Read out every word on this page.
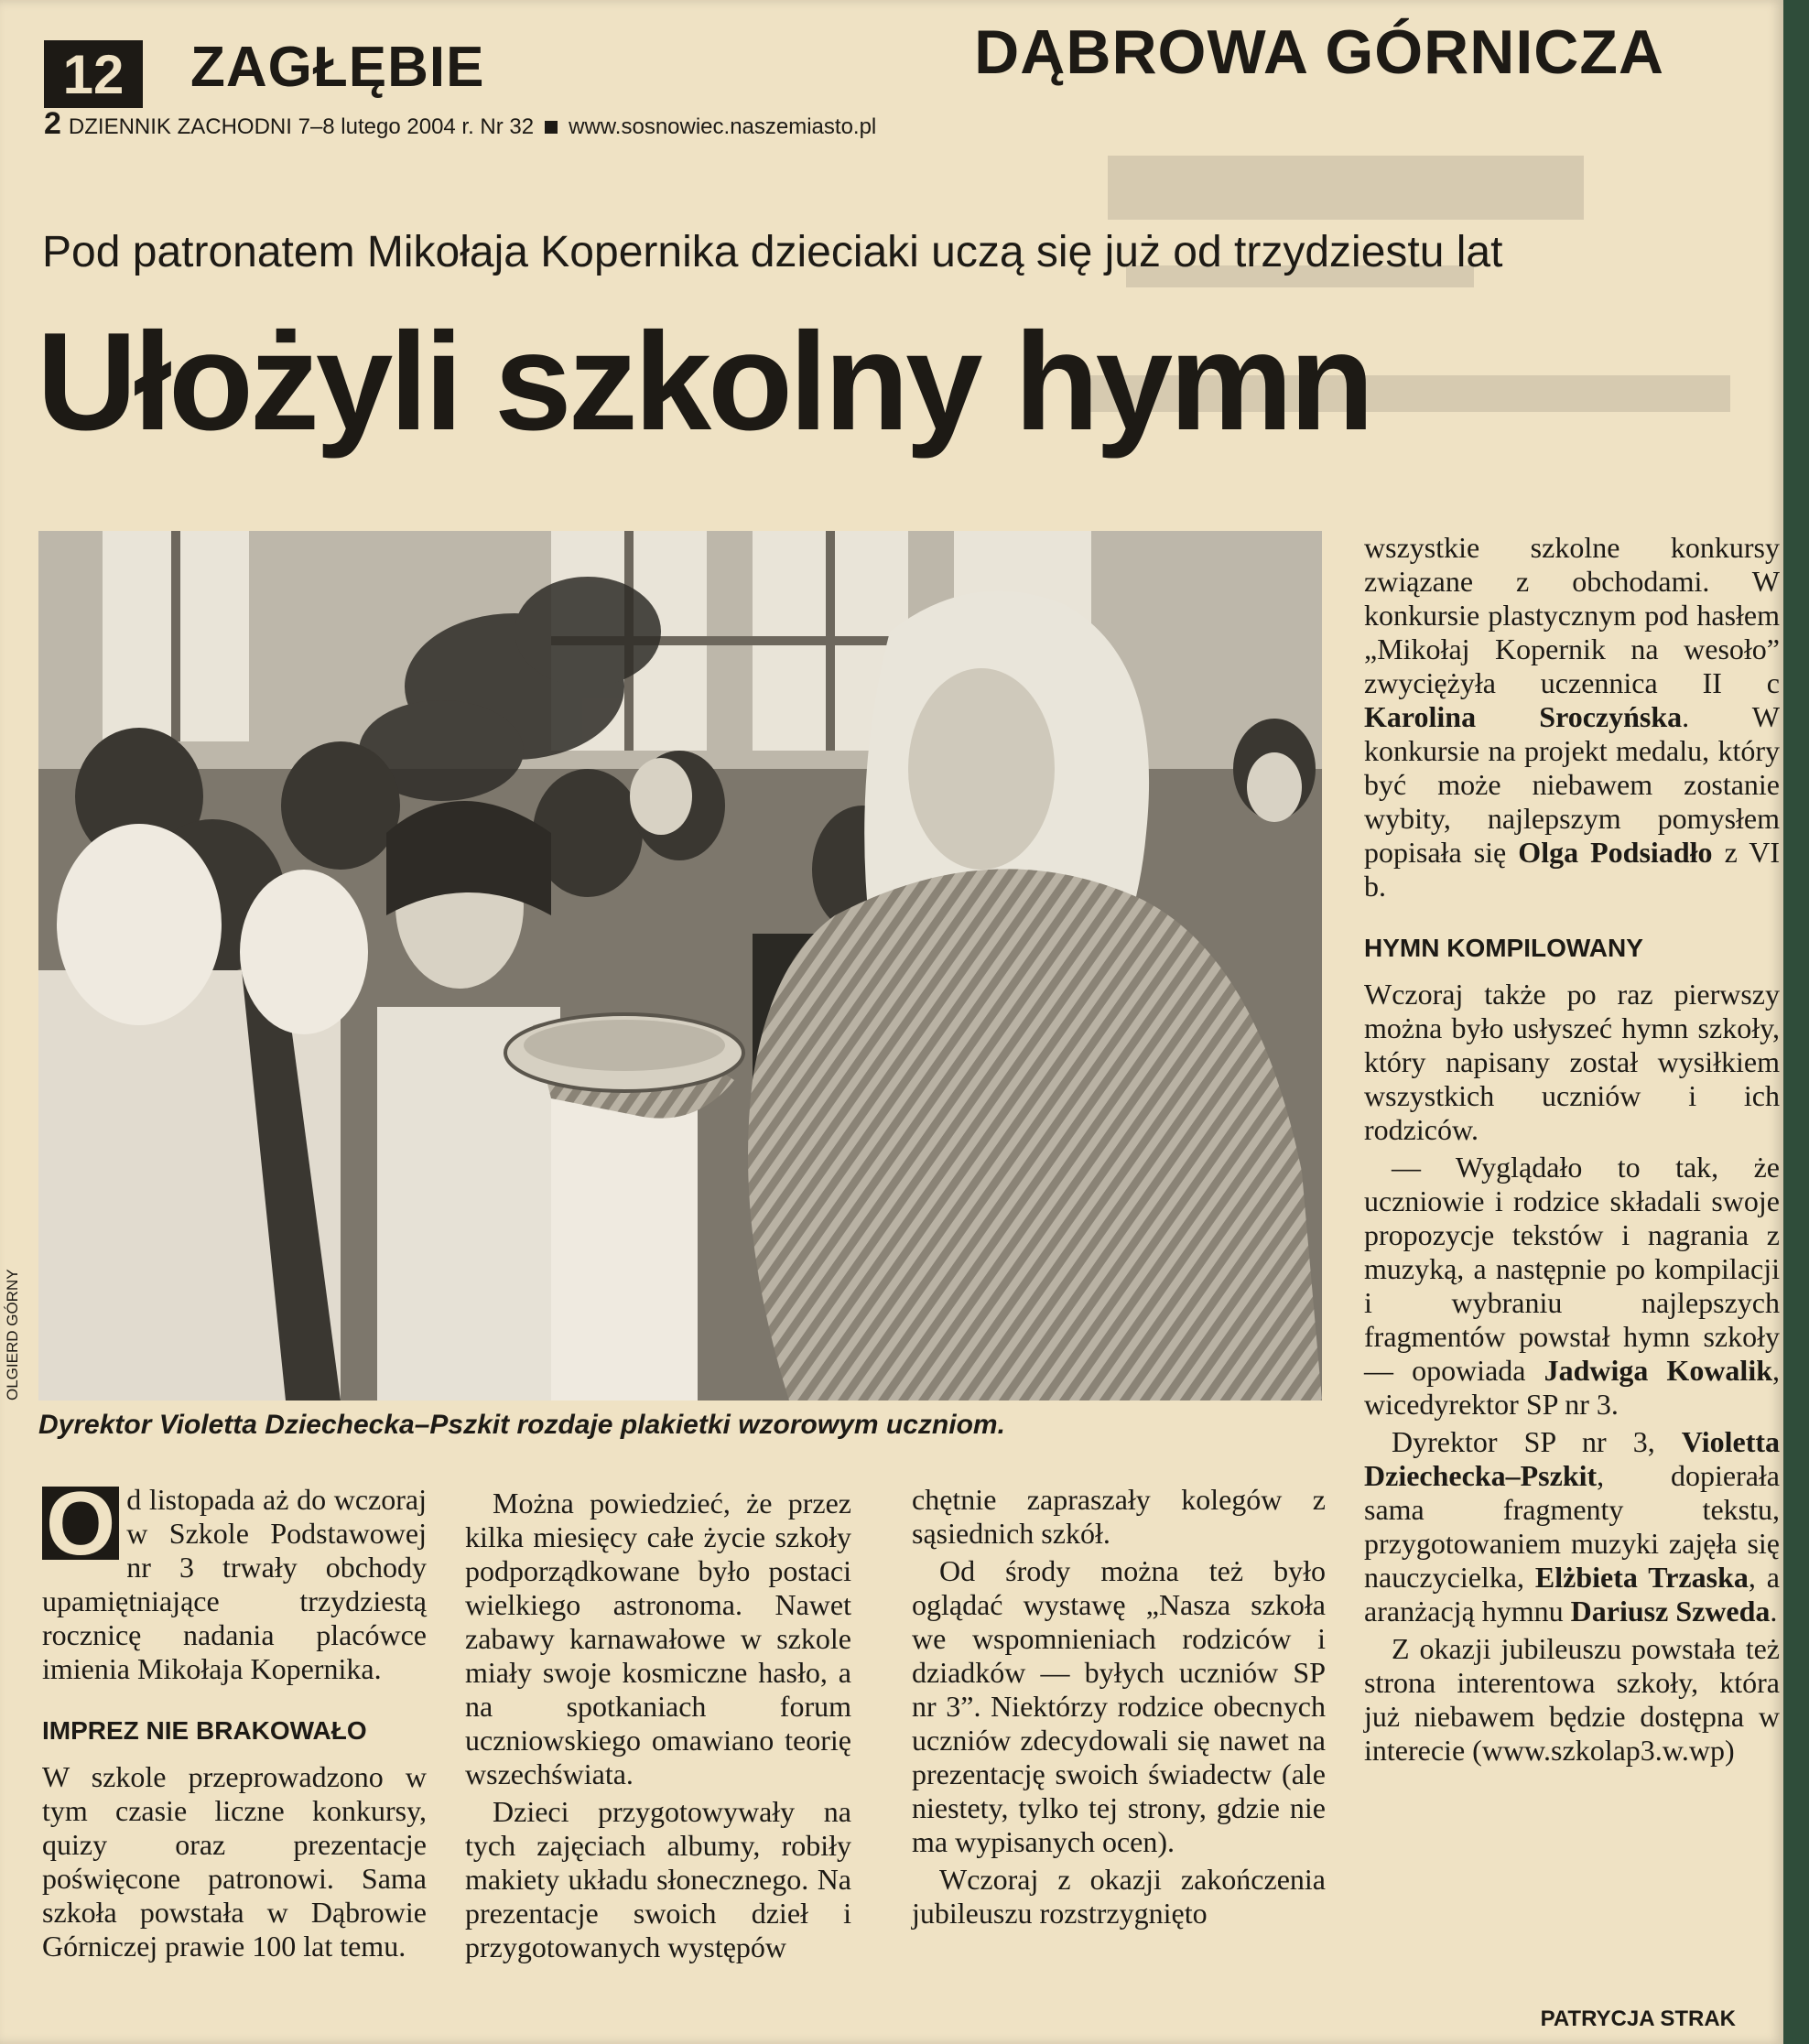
12	ZAGŁĘBIE	DĄBROWA GÓRNICZA
2 DZIENNIK ZACHODNI 7–8 lutego 2004 r. Nr 32 www.sosnowiec.naszemiasto.pl
Pod patronatem Mikołaja Kopernika dzieciaki uczą się już od trzydziestu lat
Ułożyli szkolny hymn
OLGIERD GÓRNY
Dyrektor Violetta Dziechecka–Pszkit rozdaje plakietki wzorowym uczniom.

O d listopada aż do wczoraj w Szkole Podstawowej nr 3 trwały obchody upamiętniające trzydziestą rocznicę nadania placówce imienia Mikołaja Kopernika.

IMPREZ NIE BRAKOWAŁO

W szkole przeprowadzono w tym czasie liczne konkursy, quizy oraz prezentacje poświęcone patronowi. Sama szkoła powstała w Dąbrowie Górniczej prawie 100 lat temu.

Można powiedzieć, że przez kilka miesięcy całe życie szkoły podporządkowane było postaci wielkiego astronoma. Nawet zabawy karnawałowe w szkole miały swoje kosmiczne hasło, a na spotkaniach forum uczniowskiego omawiano teorię wszechświata.

Dzieci przygotowywały na tych zajęciach albumy, robiły makiety układu słonecznego. Na prezentacje swoich dzieł i przygotowanych występów

chętnie zapraszały kolegów z sąsiednich szkół.

Od środy można też było oglądać wystawę „Nasza szkoła we wspomnieniach rodziców i dziadków — byłych uczniów SP nr 3”. Niektórzy rodzice obecnych uczniów zdecydowali się nawet na prezentację swoich świadectw (ale niestety, tylko tej strony, gdzie nie ma wypisanych ocen).

Wczoraj z okazji zakończenia jubileuszu rozstrzygnięto

wszystkie szkolne konkursy związane z obchodami. W konkursie plastycznym pod hasłem „Mikołaj Kopernik na wesoło” zwyciężyła uczennica II c Karolina Sroczyńska. W konkursie na projekt medalu, który być może niebawem zostanie wybity, najlepszym pomysłem popisała się Olga Podsiadło z VI b.

HYMN KOMPILOWANY

Wczoraj także po raz pierwszy można było usłyszeć hymn szkoły, który napisany został wysiłkiem wszystkich uczniów i ich rodziców.

— Wyglądało to tak, że uczniowie i rodzice składali swoje propozycje tekstów i nagrania z muzyką, a następnie po kompilacji i wybraniu najlepszych fragmentów powstał hymn szkoły — opowiada Jadwiga Kowalik, wicedyrektor SP nr 3.

Dyrektor SP nr 3, Violetta Dziechecka–Pszkit, dopierała sama fragmenty tekstu, przygotowaniem muzyki zajęła się nauczycielka, Elżbieta Trzaska, a aranżacją hymnu Dariusz Szweda.

Z okazji jubileuszu powstała też strona interentowa szkoły, która już niebawem będzie dostępna w interecie (www.szkolap3.w.wp)

PATRYCJA STRAK
